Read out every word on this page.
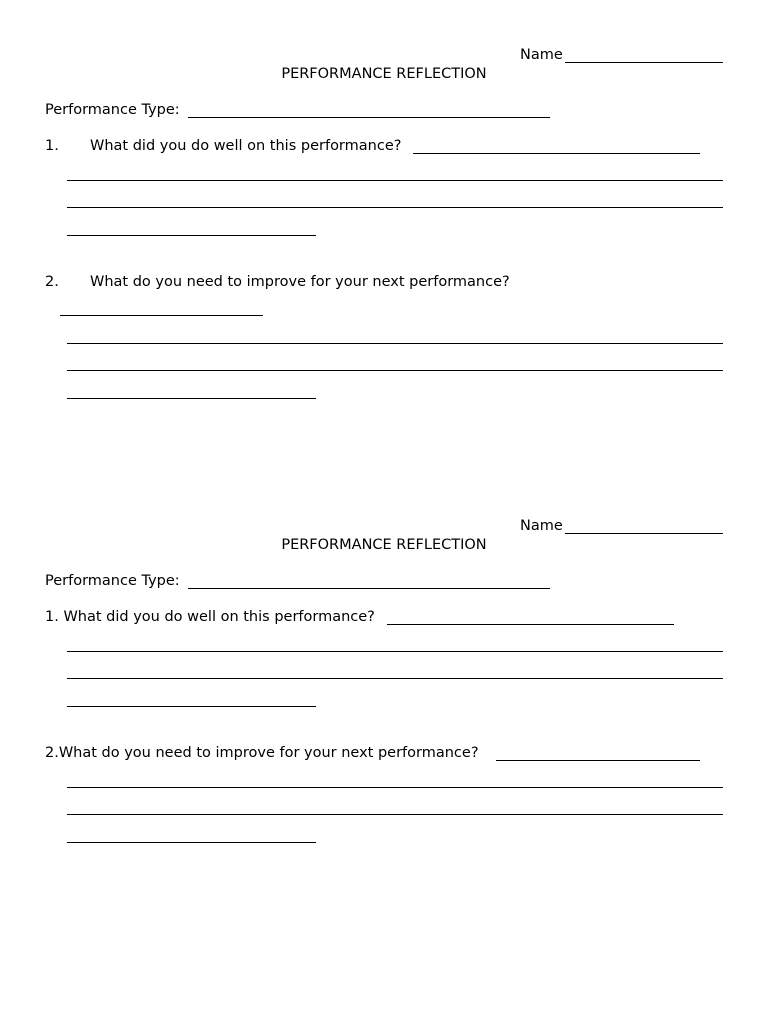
Name
PERFORMANCE REFLECTION
Performance Type:
1. What did you do well on this performance?
2. What do you need to improve for your next performance?
Name
PERFORMANCE REFLECTION
Performance Type:
1. What did you do well on this performance?
2.What do you need to improve for your next performance?
